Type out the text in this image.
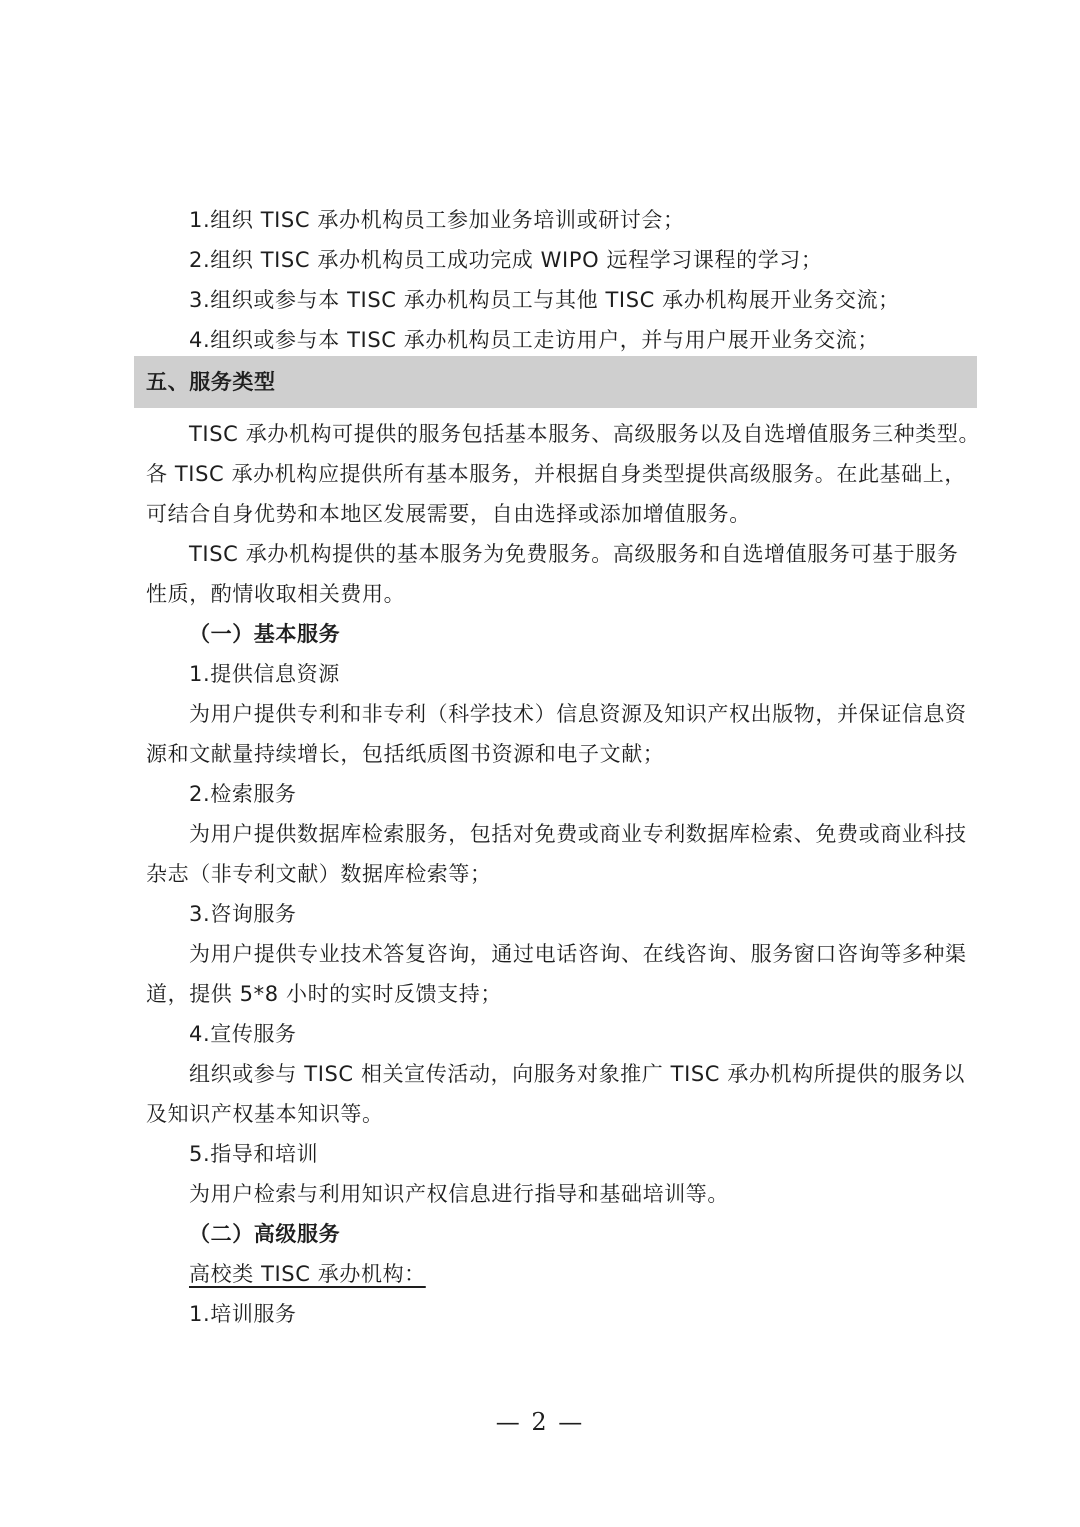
1.组织 TISC 承办机构员工参加业务培训或研讨会；
2.组织 TISC 承办机构员工成功完成 WIPO 远程学习课程的学习；
3.组织或参与本 TISC 承办机构员工与其他 TISC 承办机构展开业务交流；
4.组织或参与本 TISC 承办机构员工走访用户，并与用户展开业务交流；
五、服务类型
TISC 承办机构可提供的服务包括基本服务、高级服务以及自选增值服务三种类型。
各 TISC 承办机构应提供所有基本服务，并根据自身类型提供高级服务。在此基础上，
可结合自身优势和本地区发展需要，自由选择或添加增值服务。
TISC 承办机构提供的基本服务为免费服务。高级服务和自选增值服务可基于服务
性质，酌情收取相关费用。
（一）基本服务
1.提供信息资源
为用户提供专利和非专利（科学技术）信息资源及知识产权出版物，并保证信息资
源和文献量持续增长，包括纸质图书资源和电子文献；
2.检索服务
为用户提供数据库检索服务，包括对免费或商业专利数据库检索、免费或商业科技
杂志（非专利文献）数据库检索等；
3.咨询服务
为用户提供专业技术答复咨询，通过电话咨询、在线咨询、服务窗口咨询等多种渠
道，提供 5*8 小时的实时反馈支持；
4.宣传服务
组织或参与 TISC 相关宣传活动，向服务对象推广 TISC 承办机构所提供的服务以
及知识产权基本知识等。
5.指导和培训
为用户检索与利用知识产权信息进行指导和基础培训等。
（二）高级服务
高校类 TISC 承办机构：
1.培训服务
— 2 —
